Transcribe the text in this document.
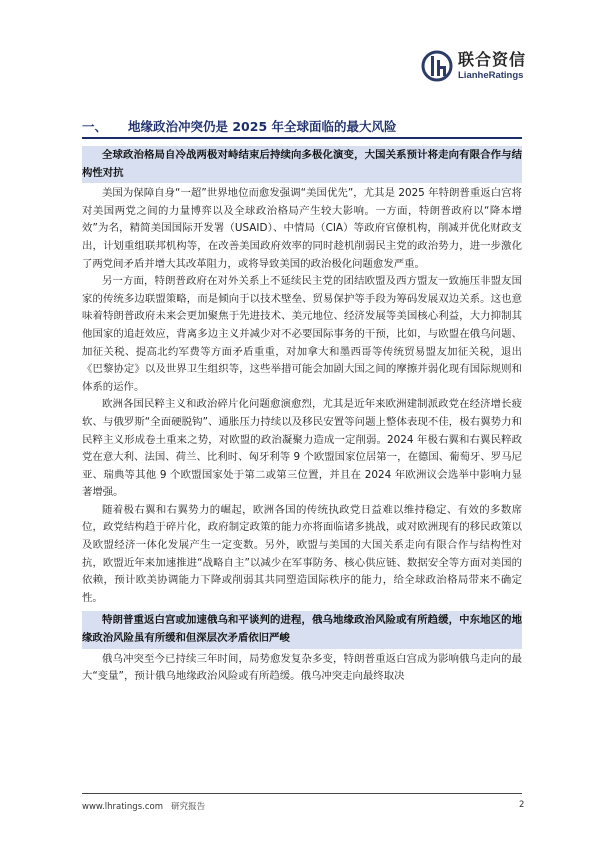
联合资信
LianheRatings
一、	地缘政治冲突仍是 2025 年全球面临的最大风险
全球政治格局自冷战两极对峙结束后持续向多极化演变，大国关系预计将走向有限合作与结构性对抗

美国为保障自身“一超”世界地位而愈发强调“美国优先”，尤其是 2025 年特朗普重返白宫将对美国两党之间的力量博弈以及全球政治格局产生较大影响。一方面，特朗普政府以“降本增效”为名，精简美国国际开发署（USAID）、中情局（CIA）等政府官僚机构，削减并优化财政支出，计划重组联邦机构等，在改善美国政府效率的同时趁机削弱民主党的政治势力，进一步激化了两党间矛盾并增大其改革阻力，或将导致美国的政治极化问题愈发严重。

另一方面，特朗普政府在对外关系上不延续民主党的团结欧盟及西方盟友一致施压非盟友国家的传统多边联盟策略，而是倾向于以技术壁垒、贸易保护等手段为筹码发展双边关系。这也意味着特朗普政府未来会更加聚焦于先进技术、美元地位、经济发展等美国核心利益，大力抑制其他国家的追赶效应，背离多边主义并减少对不必要国际事务的干预，比如，与欧盟在俄乌问题、加征关税、提高北约军费等方面矛盾重重，对加拿大和墨西哥等传统贸易盟友加征关税，退出《巴黎协定》以及世界卫生组织等，这些举措可能会加剧大国之间的摩擦并弱化现有国际规则和体系的运作。

欧洲各国民粹主义和政治碎片化问题愈演愈烈，尤其是近年来欧洲建制派政党在经济增长疲软、与俄罗斯“全面硬脱钩”、通胀压力持续以及移民安置等问题上整体表现不佳，极右翼势力和民粹主义形成卷土重来之势，对欧盟的政治凝聚力造成一定削弱。2024 年极右翼和右翼民粹政党在意大利、法国、荷兰、比利时、匈牙利等 9 个欧盟国家位居第一，在德国、葡萄牙、罗马尼亚、瑞典等其他 9 个欧盟国家处于第二或第三位置，并且在 2024 年欧洲议会选举中影响力显著增强。

随着极右翼和右翼势力的崛起，欧洲各国的传统执政党日益难以维持稳定、有效的多数席位，政党结构趋于碎片化，政府制定政策的能力亦将面临诸多挑战，或对欧洲现有的移民政策以及欧盟经济一体化发展产生一定变数。另外，欧盟与美国的大国关系走向有限合作与结构性对抗，欧盟近年来加速推进“战略自主”以减少在军事防务、核心供应链、数据安全等方面对美国的依赖，预计欧美协调能力下降或削弱其共同塑造国际秩序的能力，给全球政治格局带来不确定性。

特朗普重返白宫或加速俄乌和平谈判的进程，俄乌地缘政治风险或有所趋缓，中东地区的地缘政治风险虽有所缓和但深层次矛盾依旧严峻

俄乌冲突至今已持续三年时间，局势愈发复杂多变，特朗普重返白宫成为影响俄乌走向的最大“变量”，预计俄乌地缘政治风险或有所趋缓。俄乌冲突走向最终取决

www.lhratings.com 研究报告	2
